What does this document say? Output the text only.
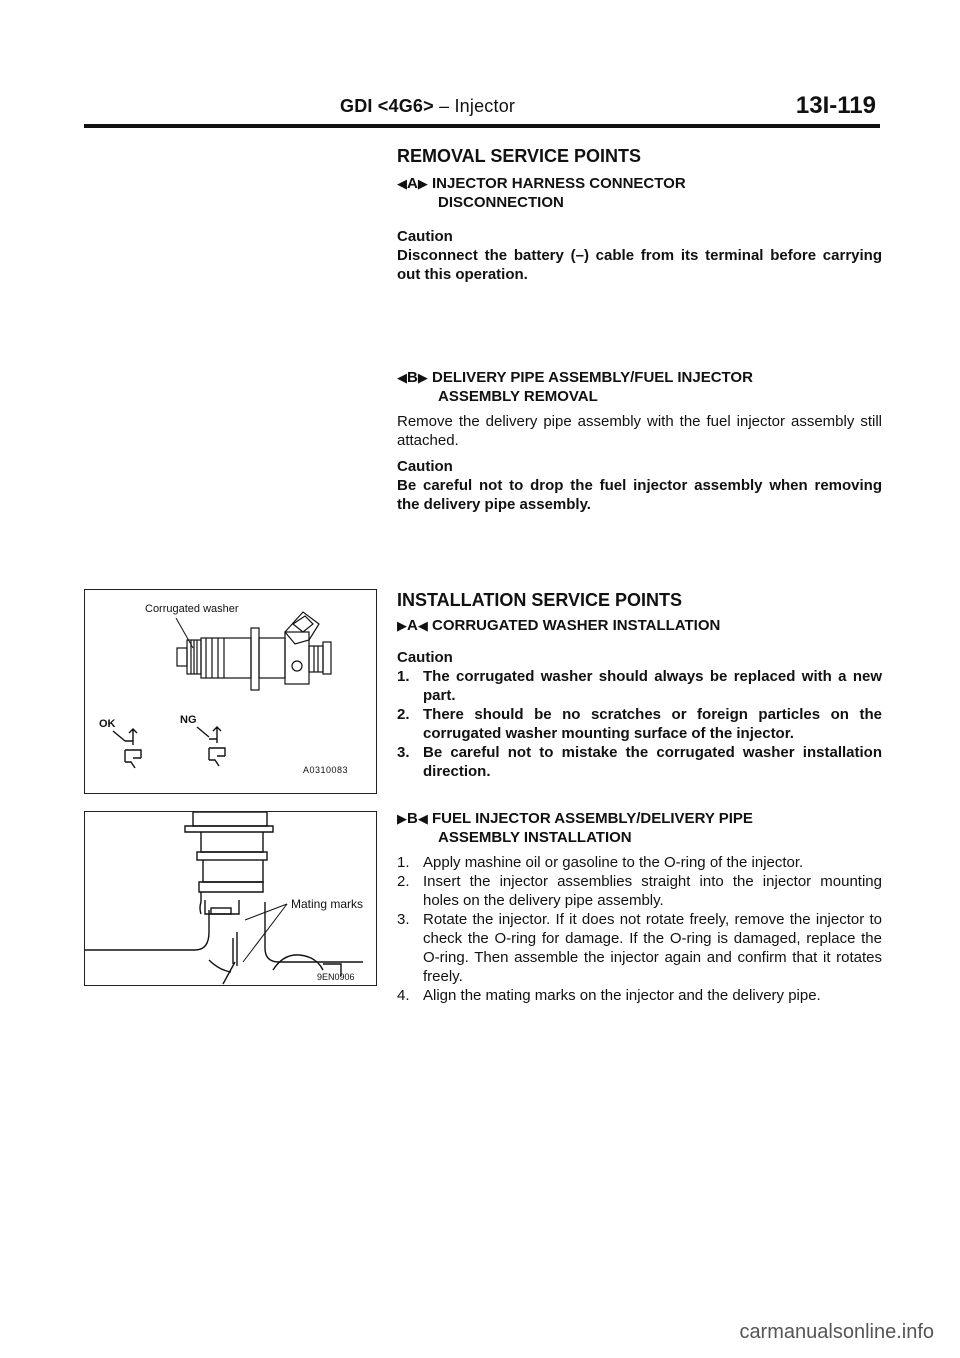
GDI <4G6> – Injector	13I-119
REMOVAL SERVICE POINTS

◀A▶ INJECTOR HARNESS CONNECTOR
DISCONNECTION

Caution

Disconnect the battery (–) cable from its terminal before carrying out this operation.

◀B▶ DELIVERY PIPE ASSEMBLY/FUEL INJECTOR
ASSEMBLY REMOVAL

Remove the delivery pipe assembly with the fuel injector assembly still attached.

Caution

Be careful not to drop the fuel injector assembly when removing the delivery pipe assembly.

INSTALLATION SERVICE POINTS

▶A◀ CORRUGATED WASHER INSTALLATION

Caution

1. The corrugated washer should always be replaced with a new part.
2. There should be no scratches or foreign particles on the corrugated washer mounting surface of the injector.
3. Be careful not to mistake the corrugated washer installation direction.

▶B◀ FUEL INJECTOR ASSEMBLY/DELIVERY PIPE
ASSEMBLY INSTALLATION

1. Apply mashine oil or gasoline to the O-ring of the injector.
2. Insert the injector assemblies straight into the injector mounting holes on the delivery pipe assembly.
3. Rotate the injector. If it does not rotate freely, remove the injector to check the O-ring for damage. If the O-ring is damaged, replace the O-ring. Then assemble the injector again and confirm that it rotates freely.
4. Align the mating marks on the injector and the delivery pipe.
Corrugated washer
OK	NG
A0310083
Mating marks
9EN0906
carmanualsonline.info
